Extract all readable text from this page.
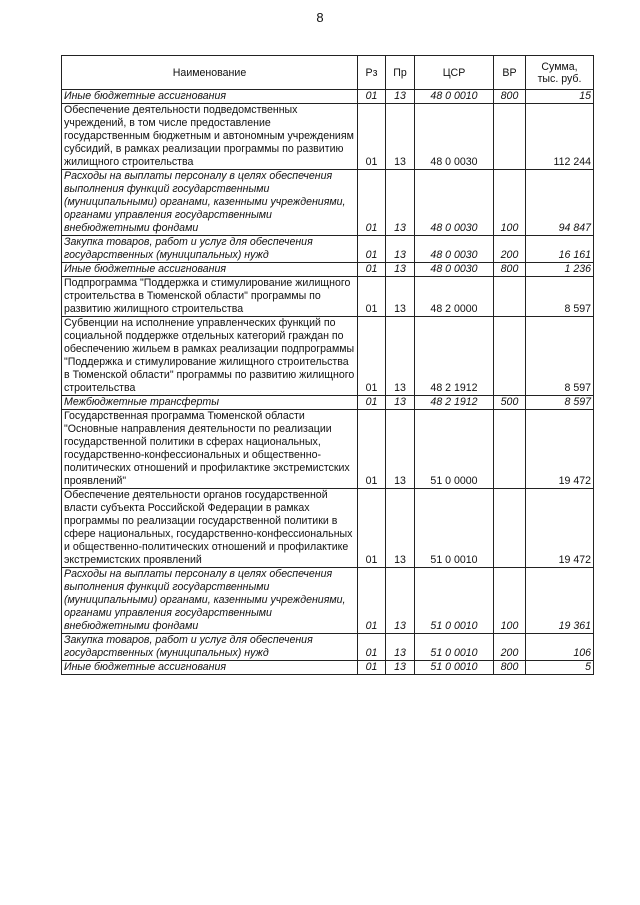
8
Наименование	Рз	Пр	ЦСР	ВР	Сумма,
тыс. руб.
Иные бюджетные ассигнования	01	13	48 0 0010	800	15
Обеспечение деятельности подведомственных учреждений, в том числе предоставление государственным бюджетным и автономным учреждениям субсидий, в рамках реализации программы по развитию жилищного строительства	01	13	48 0 0030		112 244
Расходы на выплаты персоналу в целях обеспечения выполнения функций государственными (муниципальными) органами, казенными учреждениями, органами управления государственными внебюджетными фондами	01	13	48 0 0030	100	94 847
Закупка товаров, работ и услуг для обеспечения государственных (муниципальных) нужд	01	13	48 0 0030	200	16 161
Иные бюджетные ассигнования	01	13	48 0 0030	800	1 236
Подпрограмма "Поддержка и стимулирование жилищного строительства в Тюменской области" программы по развитию жилищного строительства	01	13	48 2 0000		8 597
Субвенции на исполнение управленческих функций по социальной поддержке отдельных категорий граждан по обеспечению жильем в рамках реализации подпрограммы "Поддержка и стимулирование жилищного строительства в Тюменской области" программы по развитию жилищного строительства	01	13	48 2 1912		8 597
Межбюджетные трансферты	01	13	48 2 1912	500	8 597
Государственная программа Тюменской области "Основные направления деятельности по реализации государственной политики в сферах национальных, государственно-конфессиональных и общественно-политических отношений и профилактике экстремистских проявлений"	01	13	51 0 0000		19 472
Обеспечение деятельности органов государственной власти субъекта Российской Федерации в рамках программы по реализации государственной политики в сфере национальных, государственно-конфессиональных и общественно-политических отношений и профилактике экстремистских проявлений	01	13	51 0 0010		19 472
Расходы на выплаты персоналу в целях обеспечения выполнения функций государственными (муниципальными) органами, казенными учреждениями, органами управления государственными внебюджетными фондами	01	13	51 0 0010	100	19 361
Закупка товаров, работ и услуг для обеспечения государственных (муниципальных) нужд	01	13	51 0 0010	200	106
Иные бюджетные ассигнования	01	13	51 0 0010	800	5
